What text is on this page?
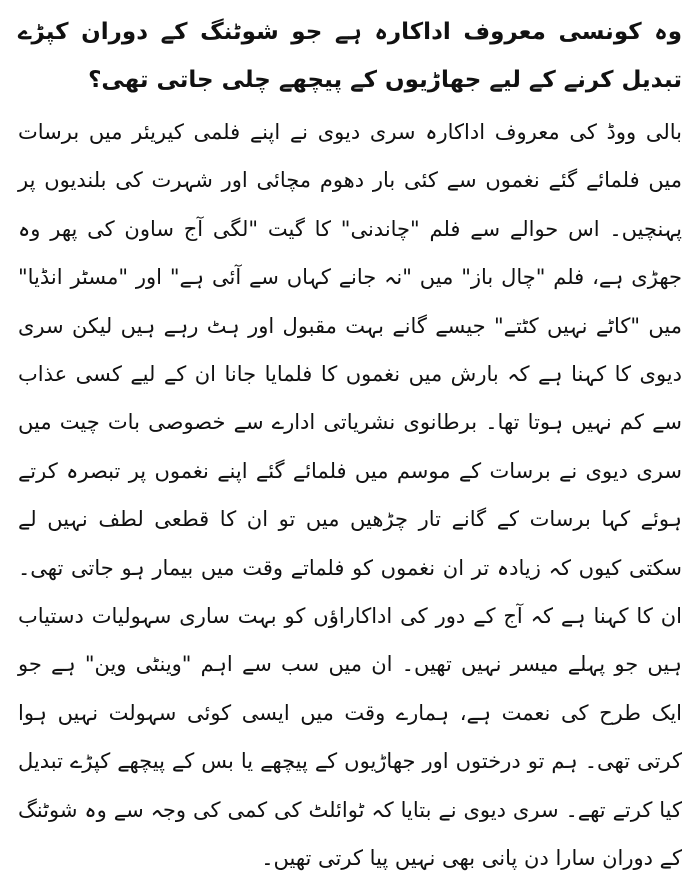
وہ کونسی معروف اداکارہ ہے جو شوٹنگ کے دوران کپڑے تبدیل کرنے کے لیے جھاڑیوں کے پیچھے چلی جاتی تھی؟

بالی ووڈ کی معروف اداکارہ سری دیوی نے اپنے فلمی کیریئر میں برسات میں فلمائے گئے نغموں سے کئی بار دھوم مچائی اور شہرت کی بلندیوں پر پہنچیں۔ اس حوالے سے فلم "چاندنی" کا گیت "لگی آج ساون کی پھر وہ جھڑی ہے، فلم "چال باز" میں "نہ جانے کہاں سے آئی ہے" اور "مسٹر انڈیا" میں "کاٹے نہیں کٹتے" جیسے گانے بہت مقبول اور ہٹ رہے ہیں لیکن سری دیوی کا کہنا ہے کہ بارش میں نغموں کا فلمایا جانا ان کے لیے کسی عذاب سے کم نہیں ہوتا تھا۔ برطانوی نشریاتی ادارے سے خصوصی بات چیت میں سری دیوی نے برسات کے موسم میں فلمائے گئے اپنے نغموں پر تبصرہ کرتے ہوئے کہا برسات کے گانے تار چڑھیں میں تو ان کا قطعی لطف نہیں لے سکتی کیوں کہ زیادہ تر ان نغموں کو فلماتے وقت میں بیمار ہو جاتی تھی۔ ان کا کہنا ہے کہ آج کے دور کی اداکاراؤں کو بہت ساری سہولیات دستیاب ہیں جو پہلے میسر نہیں تھیں۔ ان میں سب سے اہم "وینٹی وین" ہے جو ایک طرح کی نعمت ہے، ہمارے وقت میں ایسی کوئی سہولت نہیں ہوا کرتی تھی۔ ہم تو درختوں اور جھاڑیوں کے پیچھے یا بس کے پیچھے کپڑے تبدیل کیا کرتے تھے۔ سری دیوی نے بتایا کہ ٹوائلٹ کی کمی کی وجہ سے وہ شوٹنگ کے دوران سارا دن پانی بھی نہیں پیا کرتی تھیں۔
